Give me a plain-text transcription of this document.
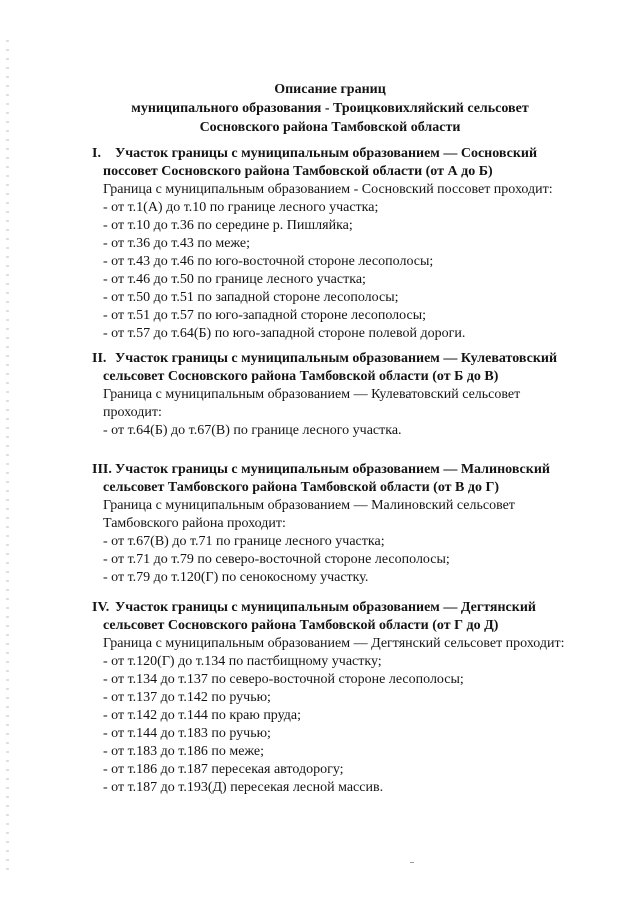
Описание границ
муниципального образования - Троицковихляйский сельсовет
Сосновского района Тамбовской области
I. Участок границы с муниципальным образованием — Сосновский
поссовет Сосновского района Тамбовской области (от А до Б)
Граница с муниципальным образованием - Сосновский поссовет проходит:
- от т.1(А) до т.10 по границе лесного участка;
- от т.10 до т.36 по середине р. Пишляйка;
- от т.36 до т.43 по меже;
- от т.43 до т.46 по юго-восточной стороне лесополосы;
- от т.46 до т.50 по границе лесного участка;
- от т.50 до т.51 по западной стороне лесополосы;
- от т.51 до т.57 по юго-западной стороне лесополосы;
- от т.57 до т.64(Б) по юго-западной стороне полевой дороги.
II. Участок границы с муниципальным образованием — Кулеватовский
сельсовет Сосновского района Тамбовской области (от Б до В)
Граница с муниципальным образованием — Кулеватовский сельсовет
проходит:
- от т.64(Б) до т.67(В) по границе лесного участка.
III. Участок границы с муниципальным образованием — Малиновский
сельсовет Тамбовского района Тамбовской области (от В до Г)
Граница с муниципальным образованием — Малиновский сельсовет
Тамбовского района проходит:
- от т.67(В) до т.71 по границе лесного участка;
- от т.71 до т.79 по северо-восточной стороне лесополосы;
- от т.79 до т.120(Г) по сенокосному участку.
IV. Участок границы с муниципальным образованием — Дегтянский
сельсовет Сосновского района Тамбовской области (от Г до Д)
Граница с муниципальным образованием — Дегтянский сельсовет проходит:
- от т.120(Г) до т.134 по пастбищному участку;
- от т.134 до т.137 по северо-восточной стороне лесополосы;
- от т.137 до т.142 по ручью;
- от т.142 до т.144 по краю пруда;
- от т.144 до т.183 по ручью;
- от т.183 до т.186 по меже;
- от т.186 до т.187 пересекая автодорогу;
- от т.187 до т.193(Д) пересекая лесной массив.
